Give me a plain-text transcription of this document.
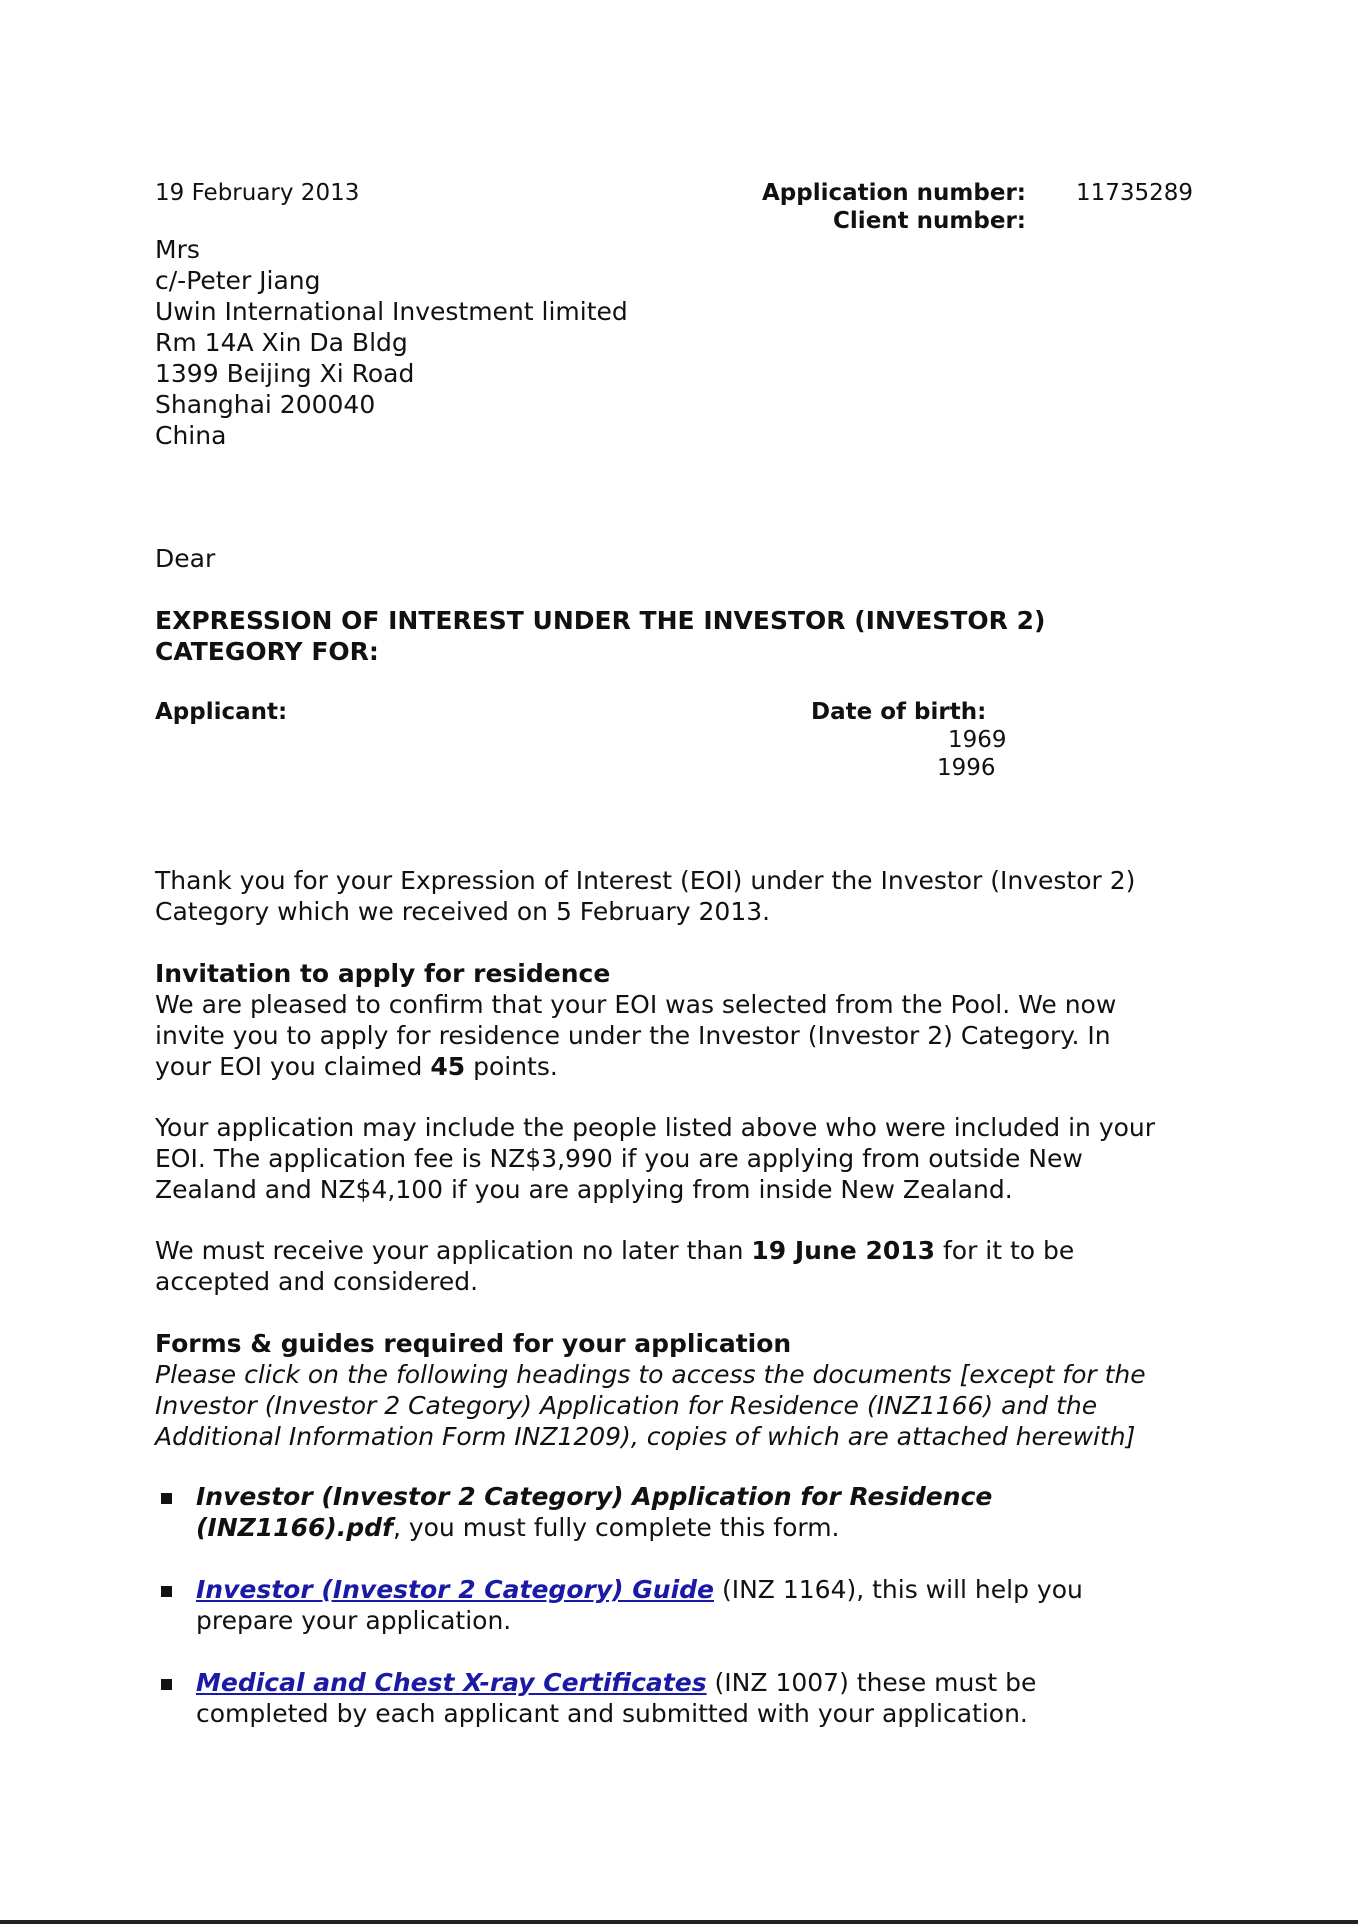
19 February 2013	Application number: 11735289
Client number:
Mrs
c/-Peter Jiang
Uwin International Investment limited
Rm 14A Xin Da Bldg
1399 Beijing Xi Road
Shanghai 200040
China
Dear
EXPRESSION OF INTEREST UNDER THE INVESTOR (INVESTOR 2)
CATEGORY FOR:
Applicant:	Date of birth:
1969
1996
Thank you for your Expression of Interest (EOI) under the Investor (Investor 2)
Category which we received on 5 February 2013.
Invitation to apply for residence
We are pleased to confirm that your EOI was selected from the Pool. We now
invite you to apply for residence under the Investor (Investor 2) Category. In
your EOI you claimed 45 points.
Your application may include the people listed above who were included in your
EOI. The application fee is NZ$3,990 if you are applying from outside New
Zealand and NZ$4,100 if you are applying from inside New Zealand.
We must receive your application no later than 19 June 2013 for it to be
accepted and considered.
Forms & guides required for your application
Please click on the following headings to access the documents [except for the
Investor (Investor 2 Category) Application for Residence (INZ1166) and the
Additional Information Form INZ1209), copies of which are attached herewith]
Investor (Investor 2 Category) Application for Residence
(INZ1166).pdf, you must fully complete this form.
Investor (Investor 2 Category) Guide (INZ 1164), this will help you
prepare your application.
Medical and Chest X-ray Certificates (INZ 1007) these must be
completed by each applicant and submitted with your application.
